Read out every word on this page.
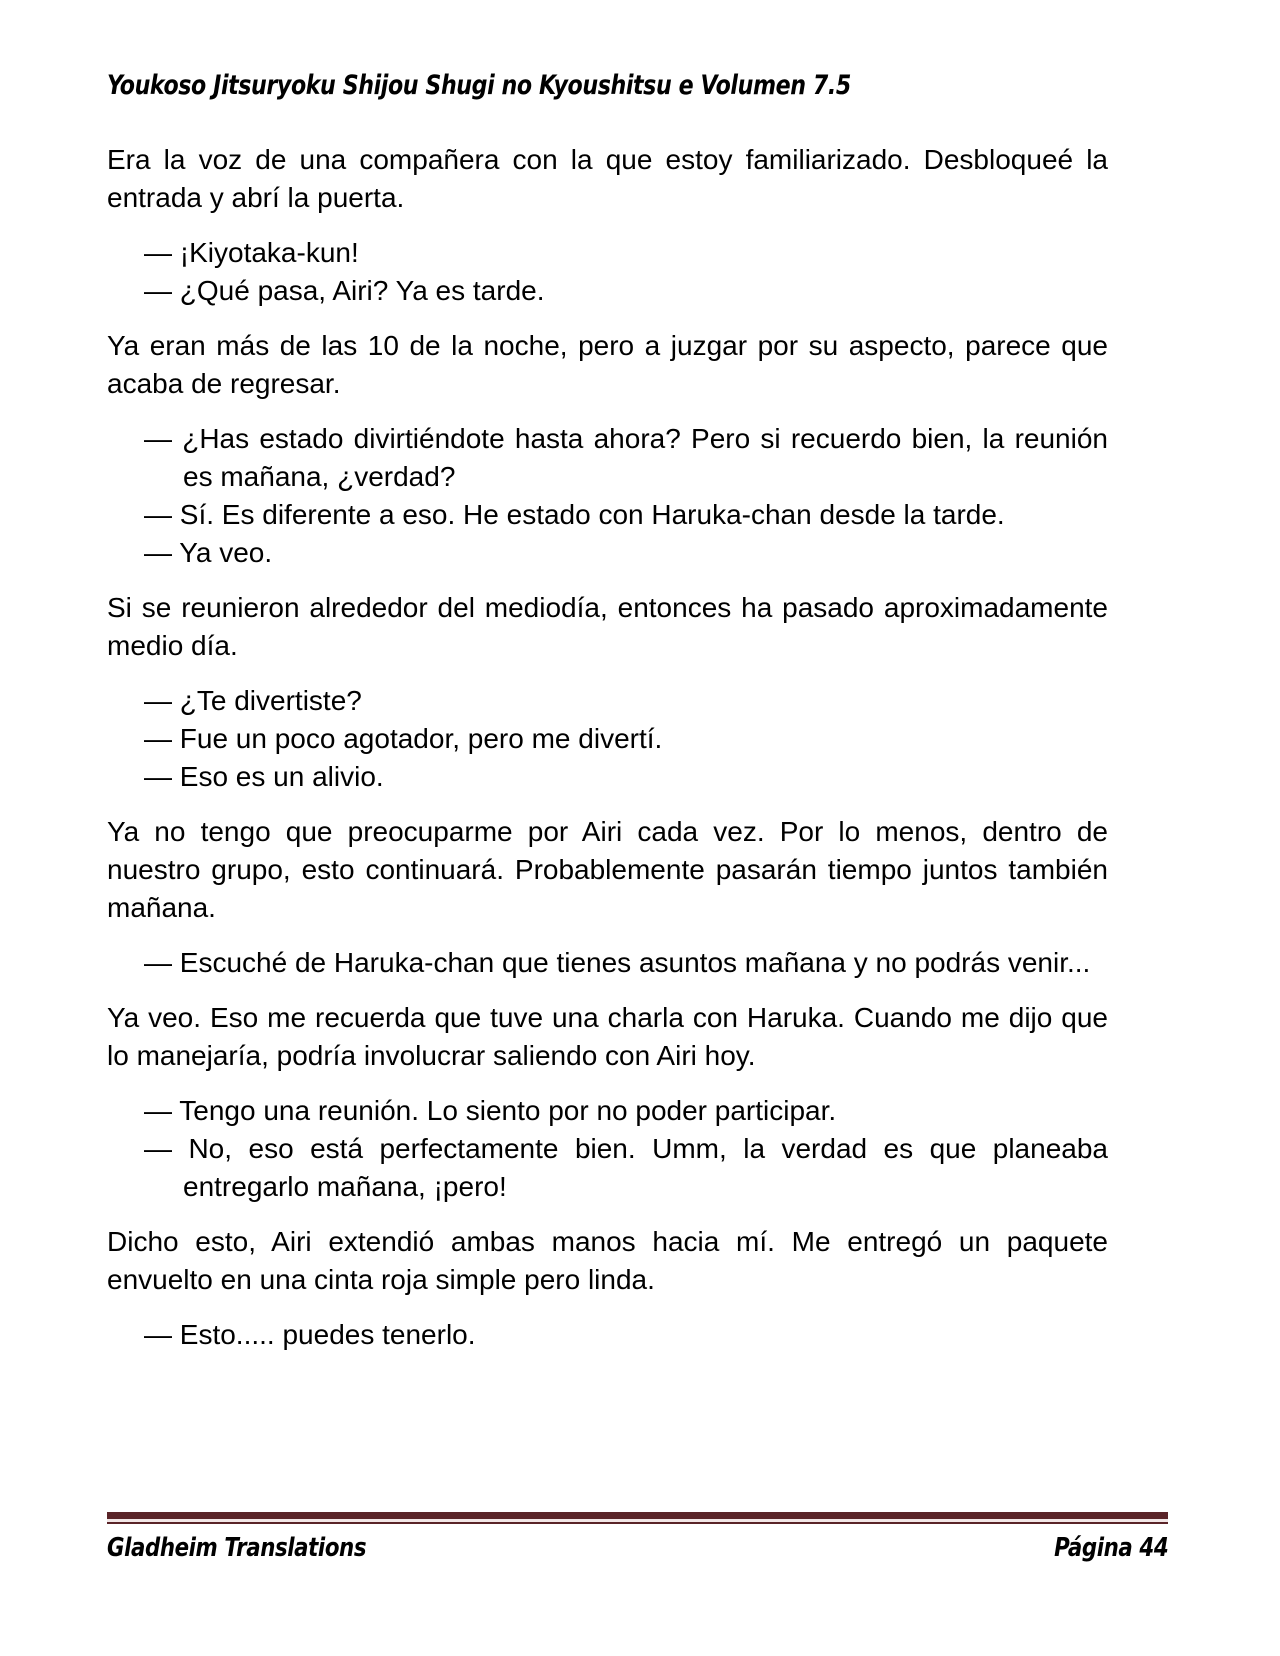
Youkoso Jitsuryoku Shijou Shugi no Kyoushitsu e Volumen 7.5

Era la voz de una compañera con la que estoy familiarizado. Desbloqueé la entrada y abrí la puerta.

— ¡Kiyotaka-kun!

— ¿Qué pasa, Airi? Ya es tarde.

Ya eran más de las 10 de la noche, pero a juzgar por su aspecto, parece que acaba de regresar.

— ¿Has estado divirtiéndote hasta ahora? Pero si recuerdo bien, la reunión es mañana, ¿verdad?

— Sí. Es diferente a eso. He estado con Haruka-chan desde la tarde.

— Ya veo.

Si se reunieron alrededor del mediodía, entonces ha pasado aproximadamente medio día.

— ¿Te divertiste?

— Fue un poco agotador, pero me divertí.

— Eso es un alivio.

Ya no tengo que preocuparme por Airi cada vez. Por lo menos, dentro de nuestro grupo, esto continuará. Probablemente pasarán tiempo juntos también mañana.

— Escuché de Haruka-chan que tienes asuntos mañana y no podrás venir...

Ya veo. Eso me recuerda que tuve una charla con Haruka. Cuando me dijo que lo manejaría, podría involucrar saliendo con Airi hoy.

— Tengo una reunión. Lo siento por no poder participar.

— No, eso está perfectamente bien. Umm, la verdad es que planeaba entregarlo mañana, ¡pero!

Dicho esto, Airi extendió ambas manos hacia mí. Me entregó un paquete envuelto en una cinta roja simple pero linda.

— Esto..... puedes tenerlo.

Gladheim Translations	Página 44
